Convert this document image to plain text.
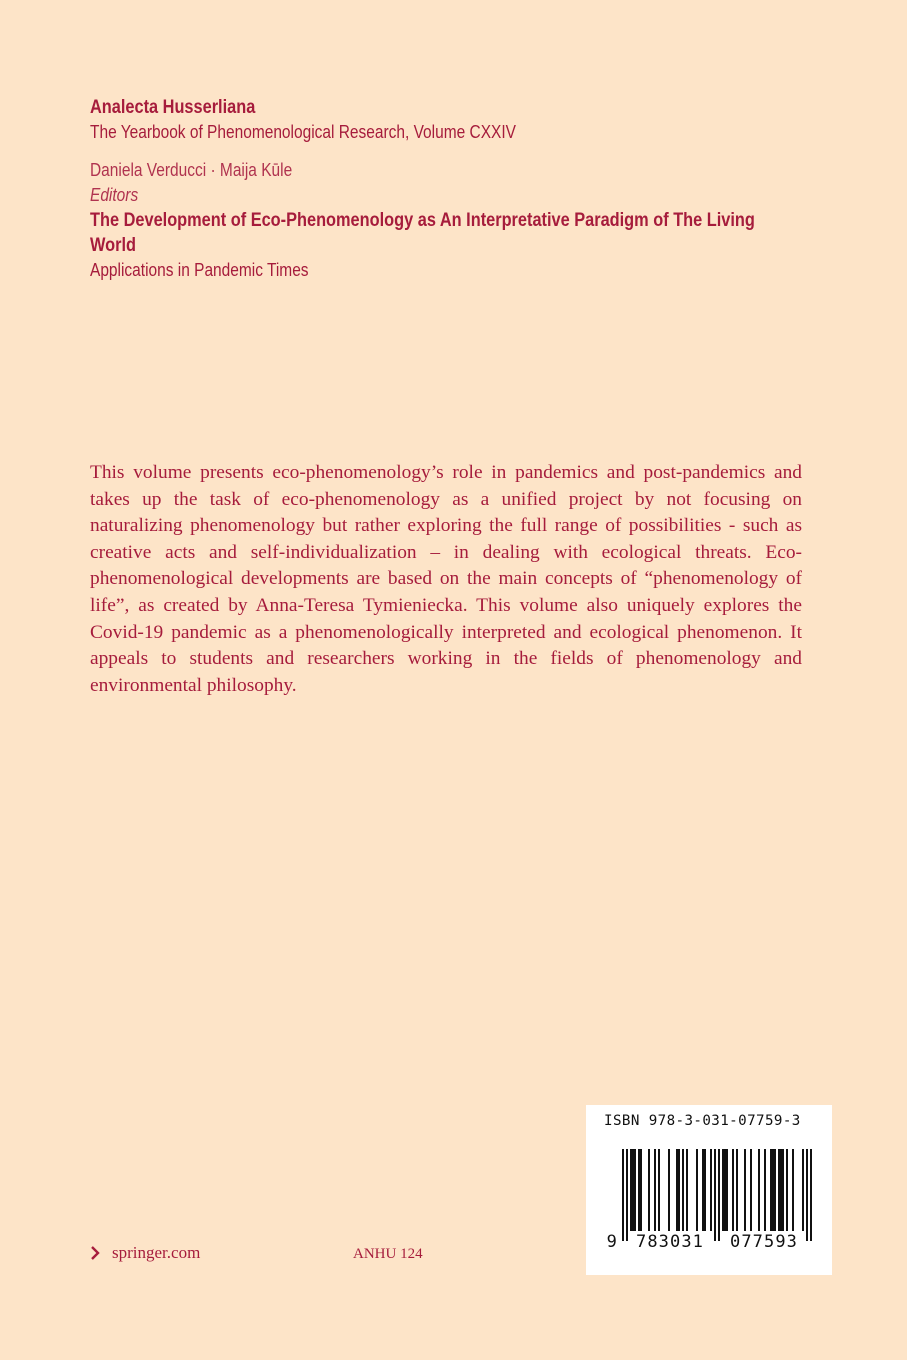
Analecta Husserliana
The Yearbook of Phenomenological Research, Volume CXXIV
Daniela Verducci · Maija Kūle
Editors
The Development of Eco-Phenomenology as An Interpretative Paradigm of The Living World
Applications in Pandemic Times

This volume presents eco-phenomenology’s role in pandemics and post-pandemics and takes up the task of eco-phenomenology as a unified project by not focusing on naturalizing phenomenology but rather exploring the full range of possibilities - such as creative acts and self-individualization – in dealing with ecological threats. Eco-phenomenological developments are based on the main concepts of “phenomenology of life”, as created by Anna-Teresa Tymieniecka. This volume also uniquely explores the Covid-19 pandemic as a phenomenologically interpreted and ecological phenomenon. It appeals to students and researchers working in the fields of phenomenology and environmental philosophy.

springer.com	ANHU 124
ISBN 978-3-031-07759-3
9 783031 077593
